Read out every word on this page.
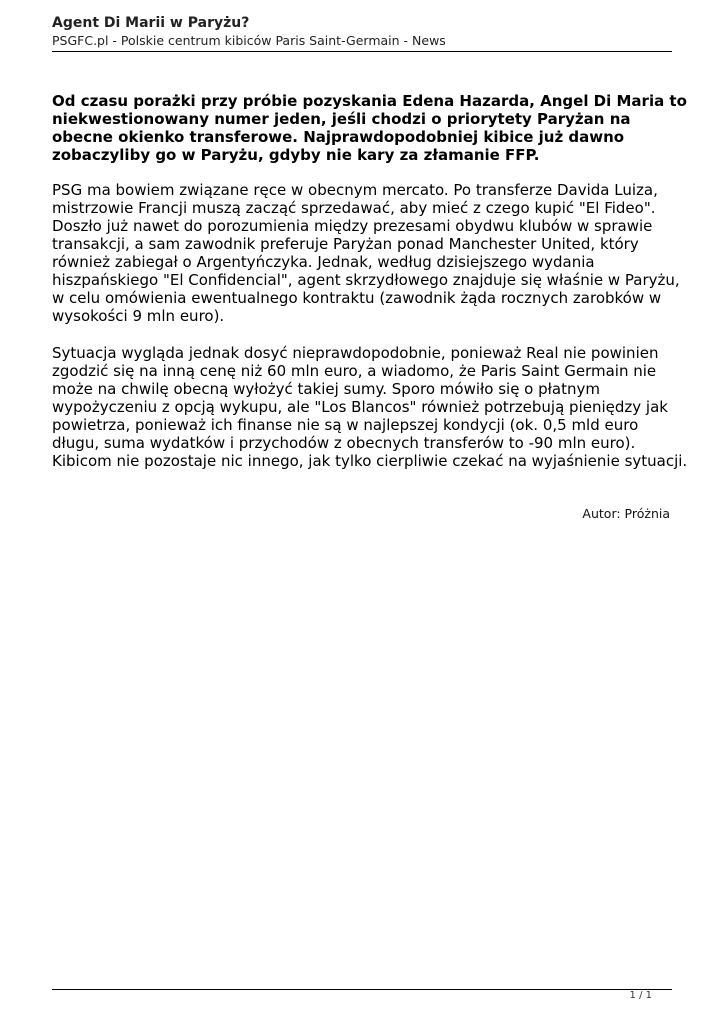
Agent Di Marii w Paryżu?
PSGFC.pl - Polskie centrum kibiców Paris Saint-Germain - News

Od czasu porażki przy próbie pozyskania Edena Hazarda, Angel Di Maria to
niekwestionowany numer jeden, jeśli chodzi o priorytety Paryżan na
obecne okienko transferowe. Najprawdopodobniej kibice już dawno
zobaczyliby go w Paryżu, gdyby nie kary za złamanie FFP.

PSG ma bowiem związane ręce w obecnym mercato. Po transferze Davida Luiza,
mistrzowie Francji muszą zacząć sprzedawać, aby mieć z czego kupić "El Fideo".
Doszło już nawet do porozumienia między prezesami obydwu klubów w sprawie
transakcji, a sam zawodnik preferuje Paryżan ponad Manchester United, który
również zabiegał o Argentyńczyka. Jednak, według dzisiejszego wydania
hiszpańskiego "El Confidencial", agent skrzydłowego znajduje się właśnie w Paryżu,
w celu omówienia ewentualnego kontraktu (zawodnik żąda rocznych zarobków w
wysokości 9 mln euro).

Sytuacja wygląda jednak dosyć nieprawdopodobnie, ponieważ Real nie powinien
zgodzić się na inną cenę niż 60 mln euro, a wiadomo, że Paris Saint Germain nie
może na chwilę obecną wyłożyć takiej sumy. Sporo mówiło się o płatnym
wypożyczeniu z opcją wykupu, ale "Los Blancos" również potrzebują pieniędzy jak
powietrza, ponieważ ich finanse nie są w najlepszej kondycji (ok. 0,5 mld euro
długu, suma wydatków i przychodów z obecnych transferów to -90 mln euro).
Kibicom nie pozostaje nic innego, jak tylko cierpliwie czekać na wyjaśnienie sytuacji.

Autor: Próżnia
1 / 1
